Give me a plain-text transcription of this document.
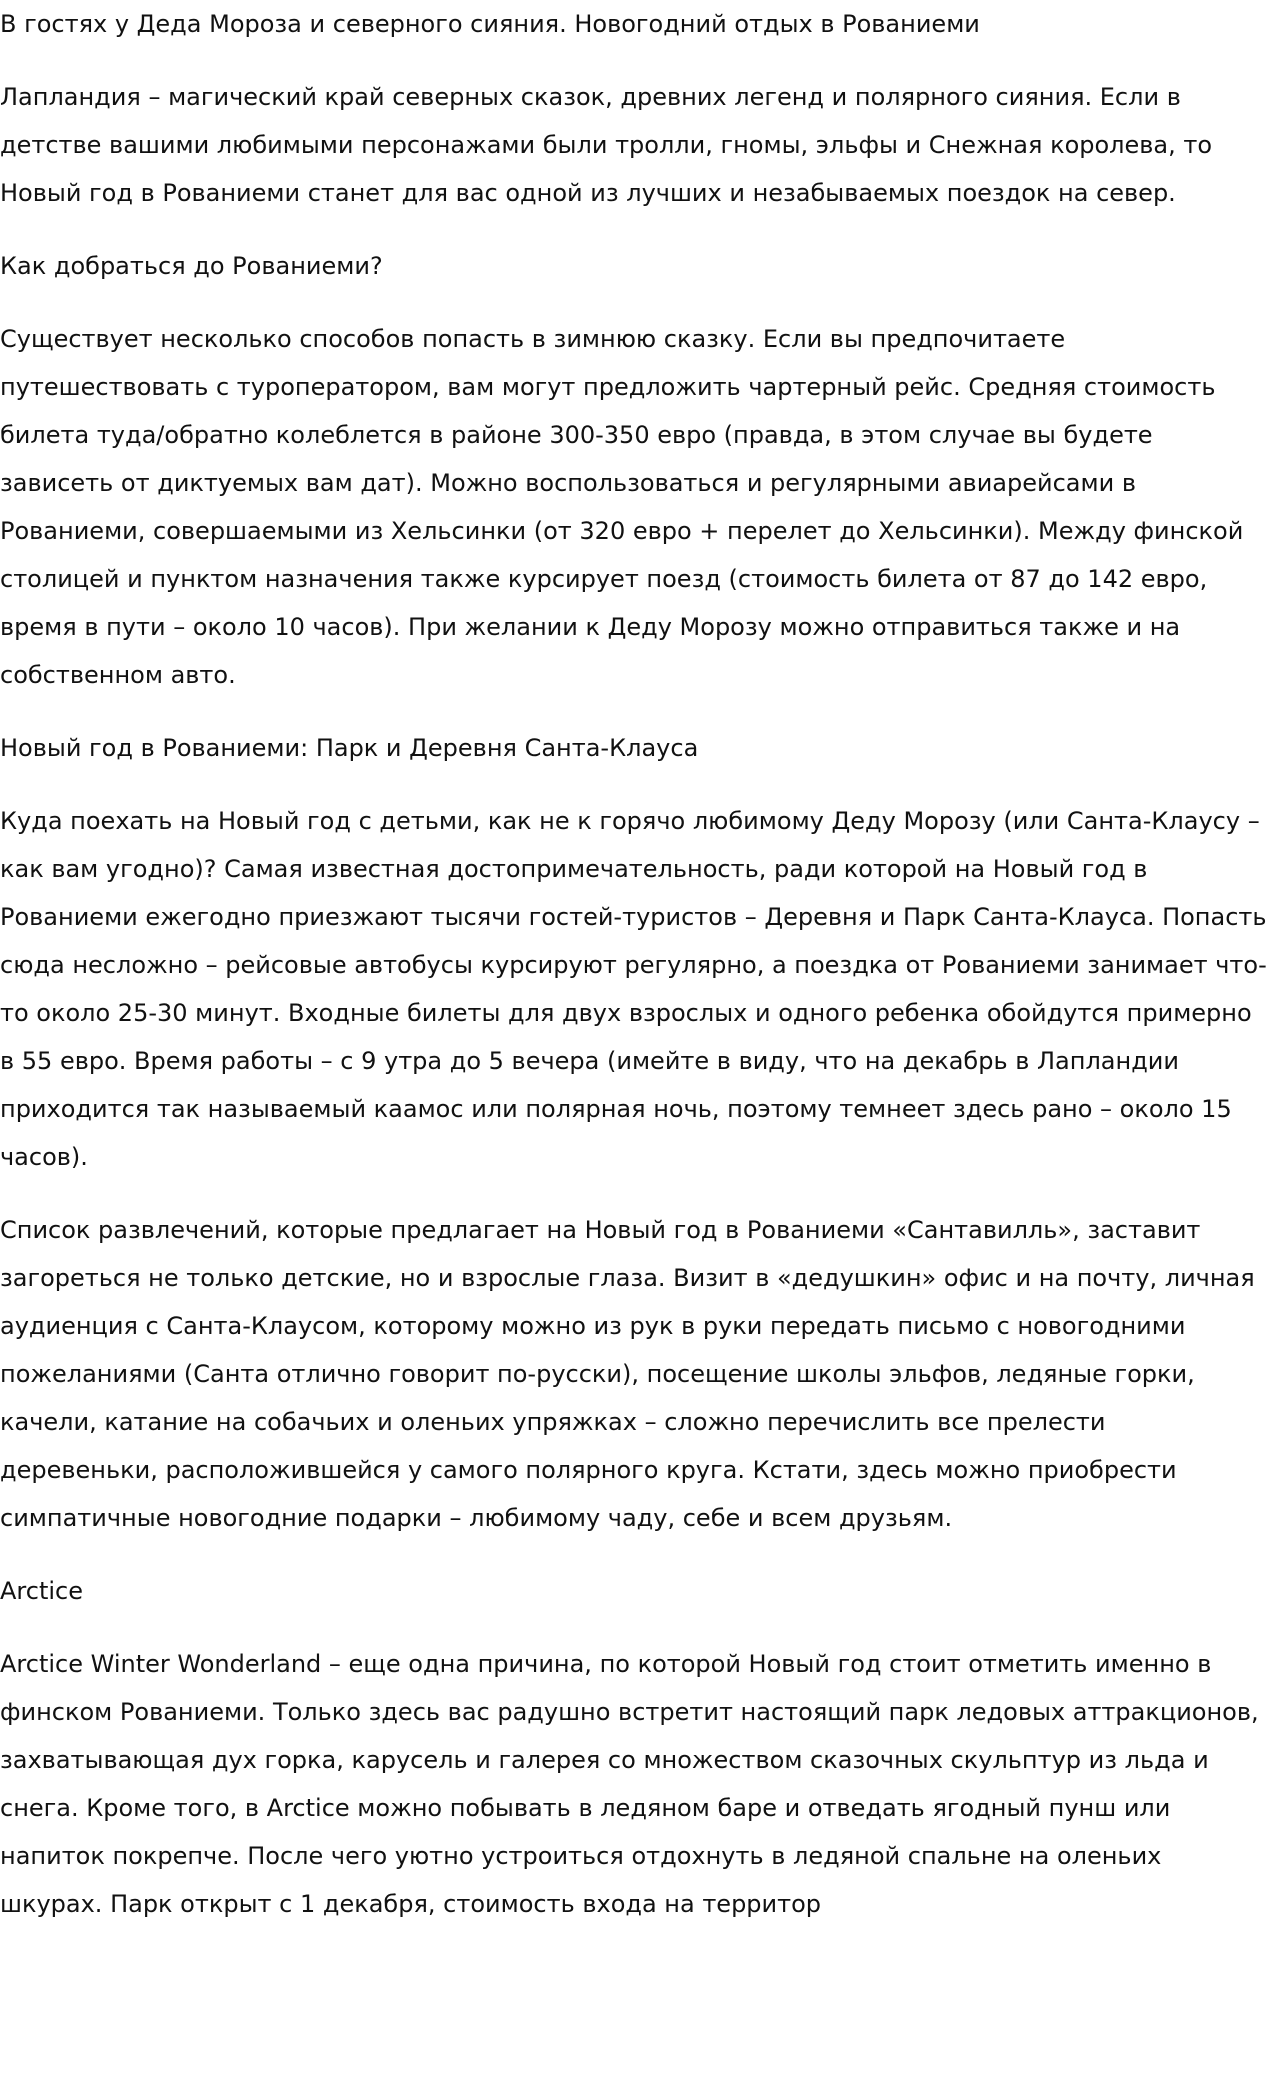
В гостях у Деда Мороза и северного сияния. Новогодний отдых в Рованиеми

Лапландия – магический край северных сказок, древних легенд и полярного сияния. Если в детстве вашими любимыми персонажами были тролли, гномы, эльфы и Снежная королева, то Новый год в Рованиеми станет для вас одной из лучших и незабываемых поездок на север.

Как добраться до Рованиеми?

Существует несколько способов попасть в зимнюю сказку. Если вы предпочитаете путешествовать с туроператором, вам могут предложить чартерный рейс. Средняя стоимость билета туда/обратно колеблется в районе 300-350 евро (правда, в этом случае вы будете зависеть от диктуемых вам дат). Можно воспользоваться и регулярными авиарейсами в Рованиеми, совершаемыми из Хельсинки (от 320 евро + перелет до Хельсинки). Между финской столицей и пунктом назначения также курсирует поезд (стоимость билета от 87 до 142 евро, время в пути – около 10 часов). При желании к Деду Морозу можно отправиться также и на собственном авто.

Новый год в Рованиеми: Парк и Деревня Санта-Клауса

Куда поехать на Новый год с детьми, как не к горячо любимому Деду Морозу (или Санта-Клаусу – как вам угодно)? Самая известная достопримечательность, ради которой на Новый год в Рованиеми ежегодно приезжают тысячи гостей-туристов – Деревня и Парк Санта-Клауса. Попасть сюда несложно – рейсовые автобусы курсируют регулярно, а поездка от Рованиеми занимает что-то около 25-30 минут. Входные билеты для двух взрослых и одного ребенка обойдутся примерно в 55 евро. Время работы – с 9 утра до 5 вечера (имейте в виду, что на декабрь в Лапландии приходится так называемый каамос или полярная ночь, поэтому темнеет здесь рано – около 15 часов).

Список развлечений, которые предлагает на Новый год в Рованиеми «Сантавилль», заставит загореться не только детские, но и взрослые глаза. Визит в «дедушкин» офис и на почту, личная аудиенция с Санта-Клаусом, которому можно из рук в руки передать письмо с новогодними пожеланиями (Санта отлично говорит по-русски), посещение школы эльфов, ледяные горки, качели, катание на собачьих и оленьих упряжках – сложно перечислить все прелести деревеньки, расположившейся у самого полярного круга. Кстати, здесь можно приобрести симпатичные новогодние подарки – любимому чаду, себе и всем друзьям.

Arctice

Arctice Winter Wonderland – еще одна причина, по которой Новый год стоит отметить именно в финском Рованиеми. Только здесь вас радушно встретит настоящий парк ледовых аттракционов, захватывающая дух горка, карусель и галерея со множеством сказочных скульптур из льда и снега. Кроме того, в Arctice можно побывать в ледяном баре и отведать ягодный пунш или напиток покрепче. После чего уютно устроиться отдохнуть в ледяной спальне на оленьих шкурах. Парк открыт с 1 декабря, стоимость входа на территор
